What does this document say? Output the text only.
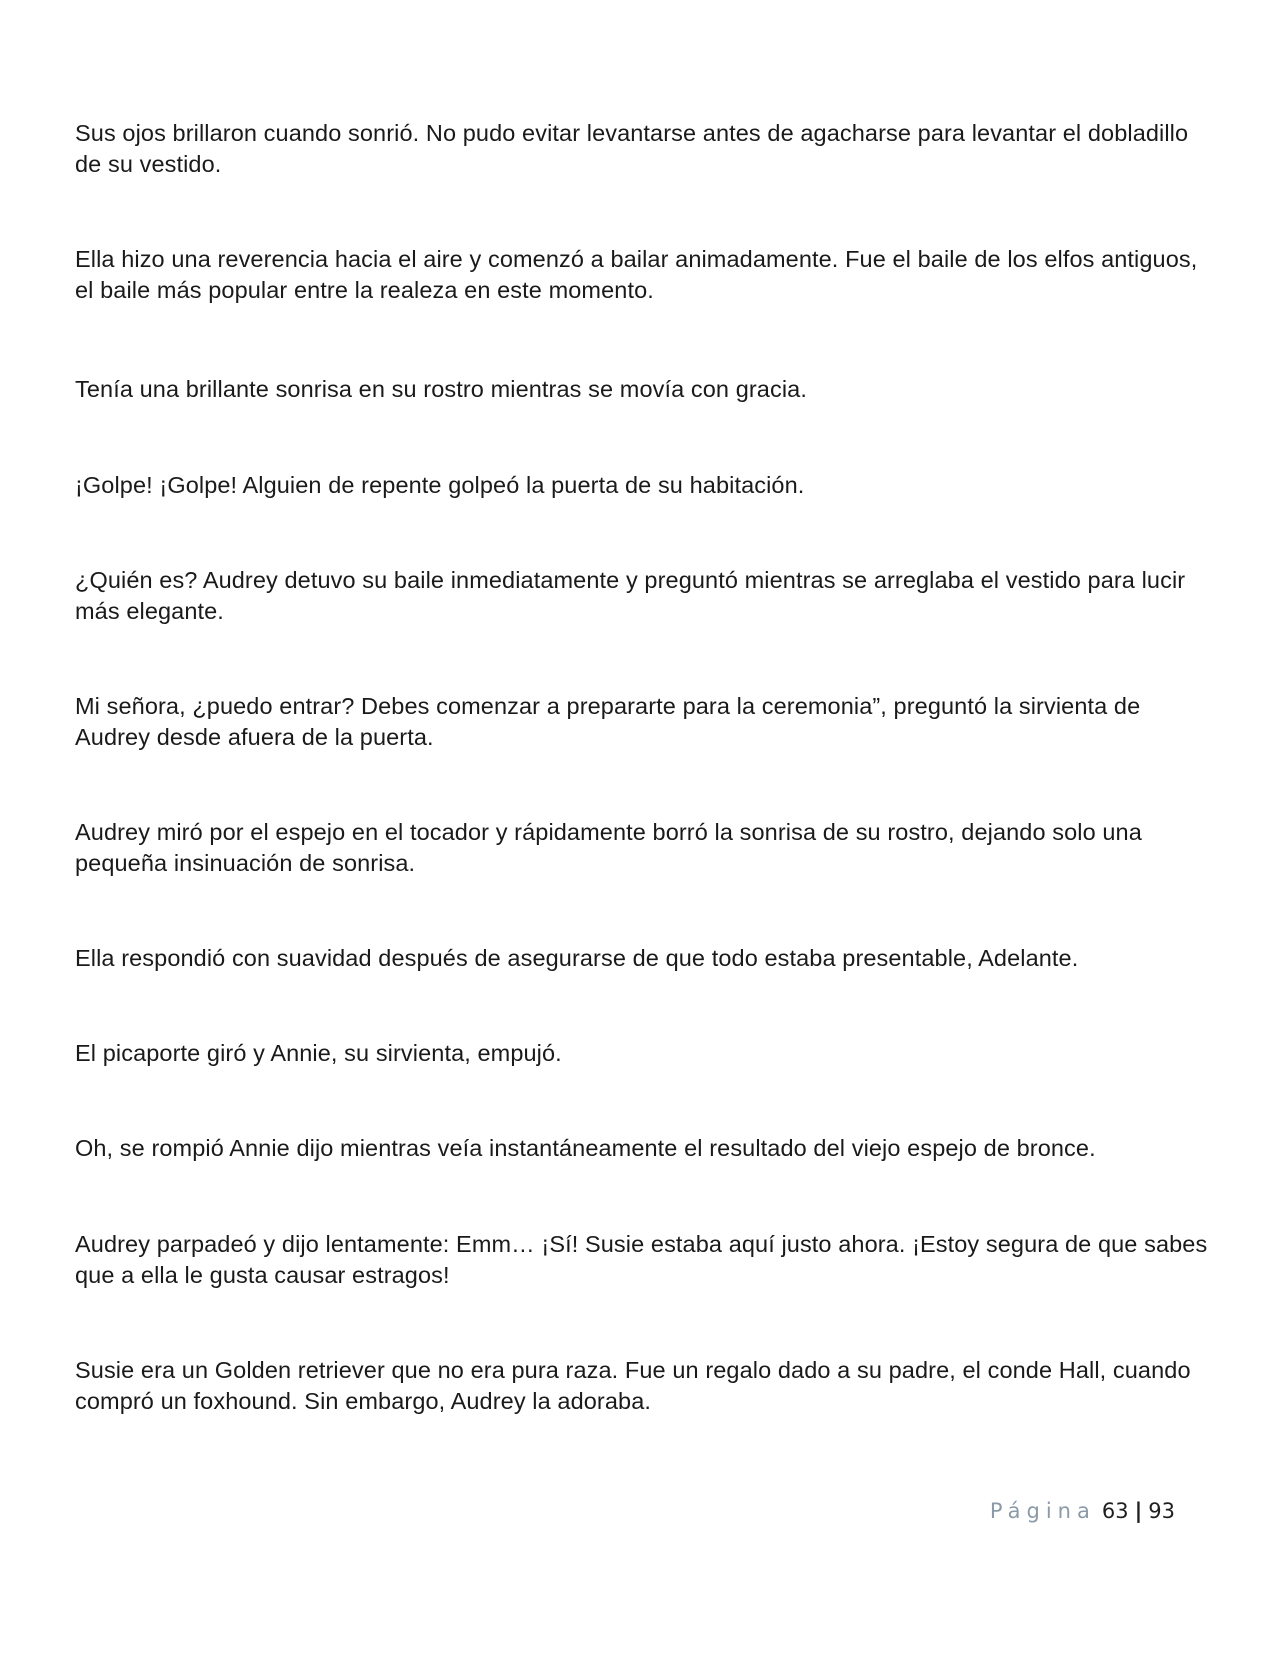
Sus ojos brillaron cuando sonrió. No pudo evitar levantarse antes de agacharse para levantar el dobladillo de su vestido.

Ella hizo una reverencia hacia el aire y comenzó a bailar animadamente. Fue el baile de los elfos antiguos, el baile más popular entre la realeza en este momento.

Tenía una brillante sonrisa en su rostro mientras se movía con gracia.

¡Golpe! ¡Golpe! Alguien de repente golpeó la puerta de su habitación.

¿Quién es? Audrey detuvo su baile inmediatamente y preguntó mientras se arreglaba el vestido para lucir más elegante.

Mi señora, ¿puedo entrar? Debes comenzar a prepararte para la ceremonia”, preguntó la sirvienta de Audrey desde afuera de la puerta.

Audrey miró por el espejo en el tocador y rápidamente borró la sonrisa de su rostro, dejando solo una pequeña insinuación de sonrisa.

Ella respondió con suavidad después de asegurarse de que todo estaba presentable, Adelante.

El picaporte giró y Annie, su sirvienta, empujó.

Oh, se rompió Annie dijo mientras veía instantáneamente el resultado del viejo espejo de bronce.

Audrey parpadeó y dijo lentamente: Emm… ¡Sí! Susie estaba aquí justo ahora. ¡Estoy segura de que sabes que a ella le gusta causar estragos!

Susie era un Golden retriever que no era pura raza. Fue un regalo dado a su padre, el conde Hall, cuando compró un foxhound. Sin embargo, Audrey la adoraba.

Página 63 | 93
